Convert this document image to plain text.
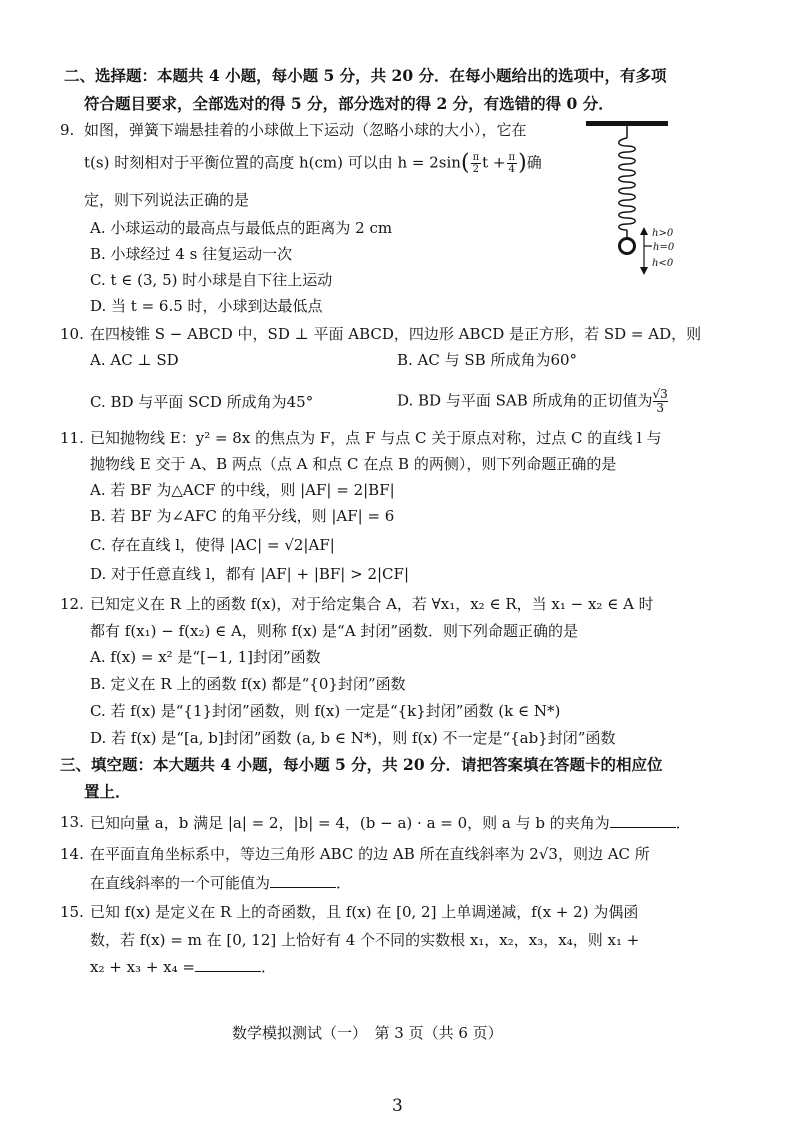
二、选择题：本题共 4 小题，每小题 5 分，共 20 分．在每小题给出的选项中，有多项
符合题目要求，全部选对的得 5 分，部分选对的得 2 分，有选错的得 0 分．
9. 如图，弹簧下端悬挂着的小球做上下运动（忽略小球的大小），它在
t(s) 时刻相对于平衡位置的高度 h(cm) 可以由 $h = 2\sin( \frac{\pi}{2}$ $t + \frac{\pi}{4}$ )确
定，则下列说法正确的是
A. 小球运动的最高点与最低点的距离为 2 cm
B. 小球经过 4 s 往复运动一次
C. t ∈ (3, 5) 时小球是自下往上运动
D. 当 t = 6.5 时，小球到达最低点
h>0
h=0
h<0
10. 在四棱锥 S − ABCD 中，SD ⊥ 平面 ABCD，四边形 ABCD 是正方形，若 SD = AD，则
A. AC ⊥ SD	B. AC 与 SB 所成角为60°
C. BD 与平面 SCD 所成角为45°	D. BD 与平面 SAB 所成角的正切值为 $\frac{√3}{3}$
11. 已知抛物线 E：y² = 8x 的焦点为 F，点 F 与点 C 关于原点对称，过点 C 的直线 l 与
抛物线 E 交于 A、B 两点（点 A 和点 C 在点 B 的两侧），则下列命题正确的是
A. 若 BF 为△ACF 的中线，则 |AF| = 2|BF|
B. 若 BF 为∠AFC 的角平分线，则 |AF| = 6
C. 存在直线 l，使得 |AC| = √2|AF|
D. 对于任意直线 l，都有 |AF| + |BF| > 2|CF|
12. 已知定义在 R 上的函数 f(x)，对于给定集合 A，若 ∀x₁，x₂ ∈ R，当 x₁ − x₂ ∈ A 时
都有 f(x₁) − f(x₂) ∈ A，则称 f(x) 是“A 封闭”函数．则下列命题正确的是
A. f(x) = x² 是“[−1, 1]封闭”函数
B. 定义在 R 上的函数 f(x) 都是“{0}封闭”函数
C. 若 f(x) 是“{1}封闭”函数，则 f(x) 一定是“{k}封闭”函数 (k ∈ N*)
D. 若 f(x) 是“[a, b]封闭”函数 (a, b ∈ N*)，则 f(x) 不一定是“{ab}封闭”函数
三、填空题：本大题共 4 小题，每小题 5 分，共 20 分．请把答案填在答题卡的相应位
置上．
13. 已知向量 a，b 满足 |a| = 2，|b| = 4，(b − a) · a = 0，则 a 与 b 的夹角为	．
14. 在平面直角坐标系中，等边三角形 ABC 的边 AB 所在直线斜率为 2√3，则边 AC 所
在直线斜率的一个可能值为	．
15. 已知 f(x) 是定义在 R 上的奇函数，且 f(x) 在 [0, 2] 上单调递减，f(x + 2) 为偶函
数，若 f(x) = m 在 [0, 12] 上恰好有 4 个不同的实数根 x₁，x₂，x₃，x₄，则 x₁ +
x₂ + x₃ + x₄ =	．
数学模拟测试（一）　第 3 页（共 6 页）
3
